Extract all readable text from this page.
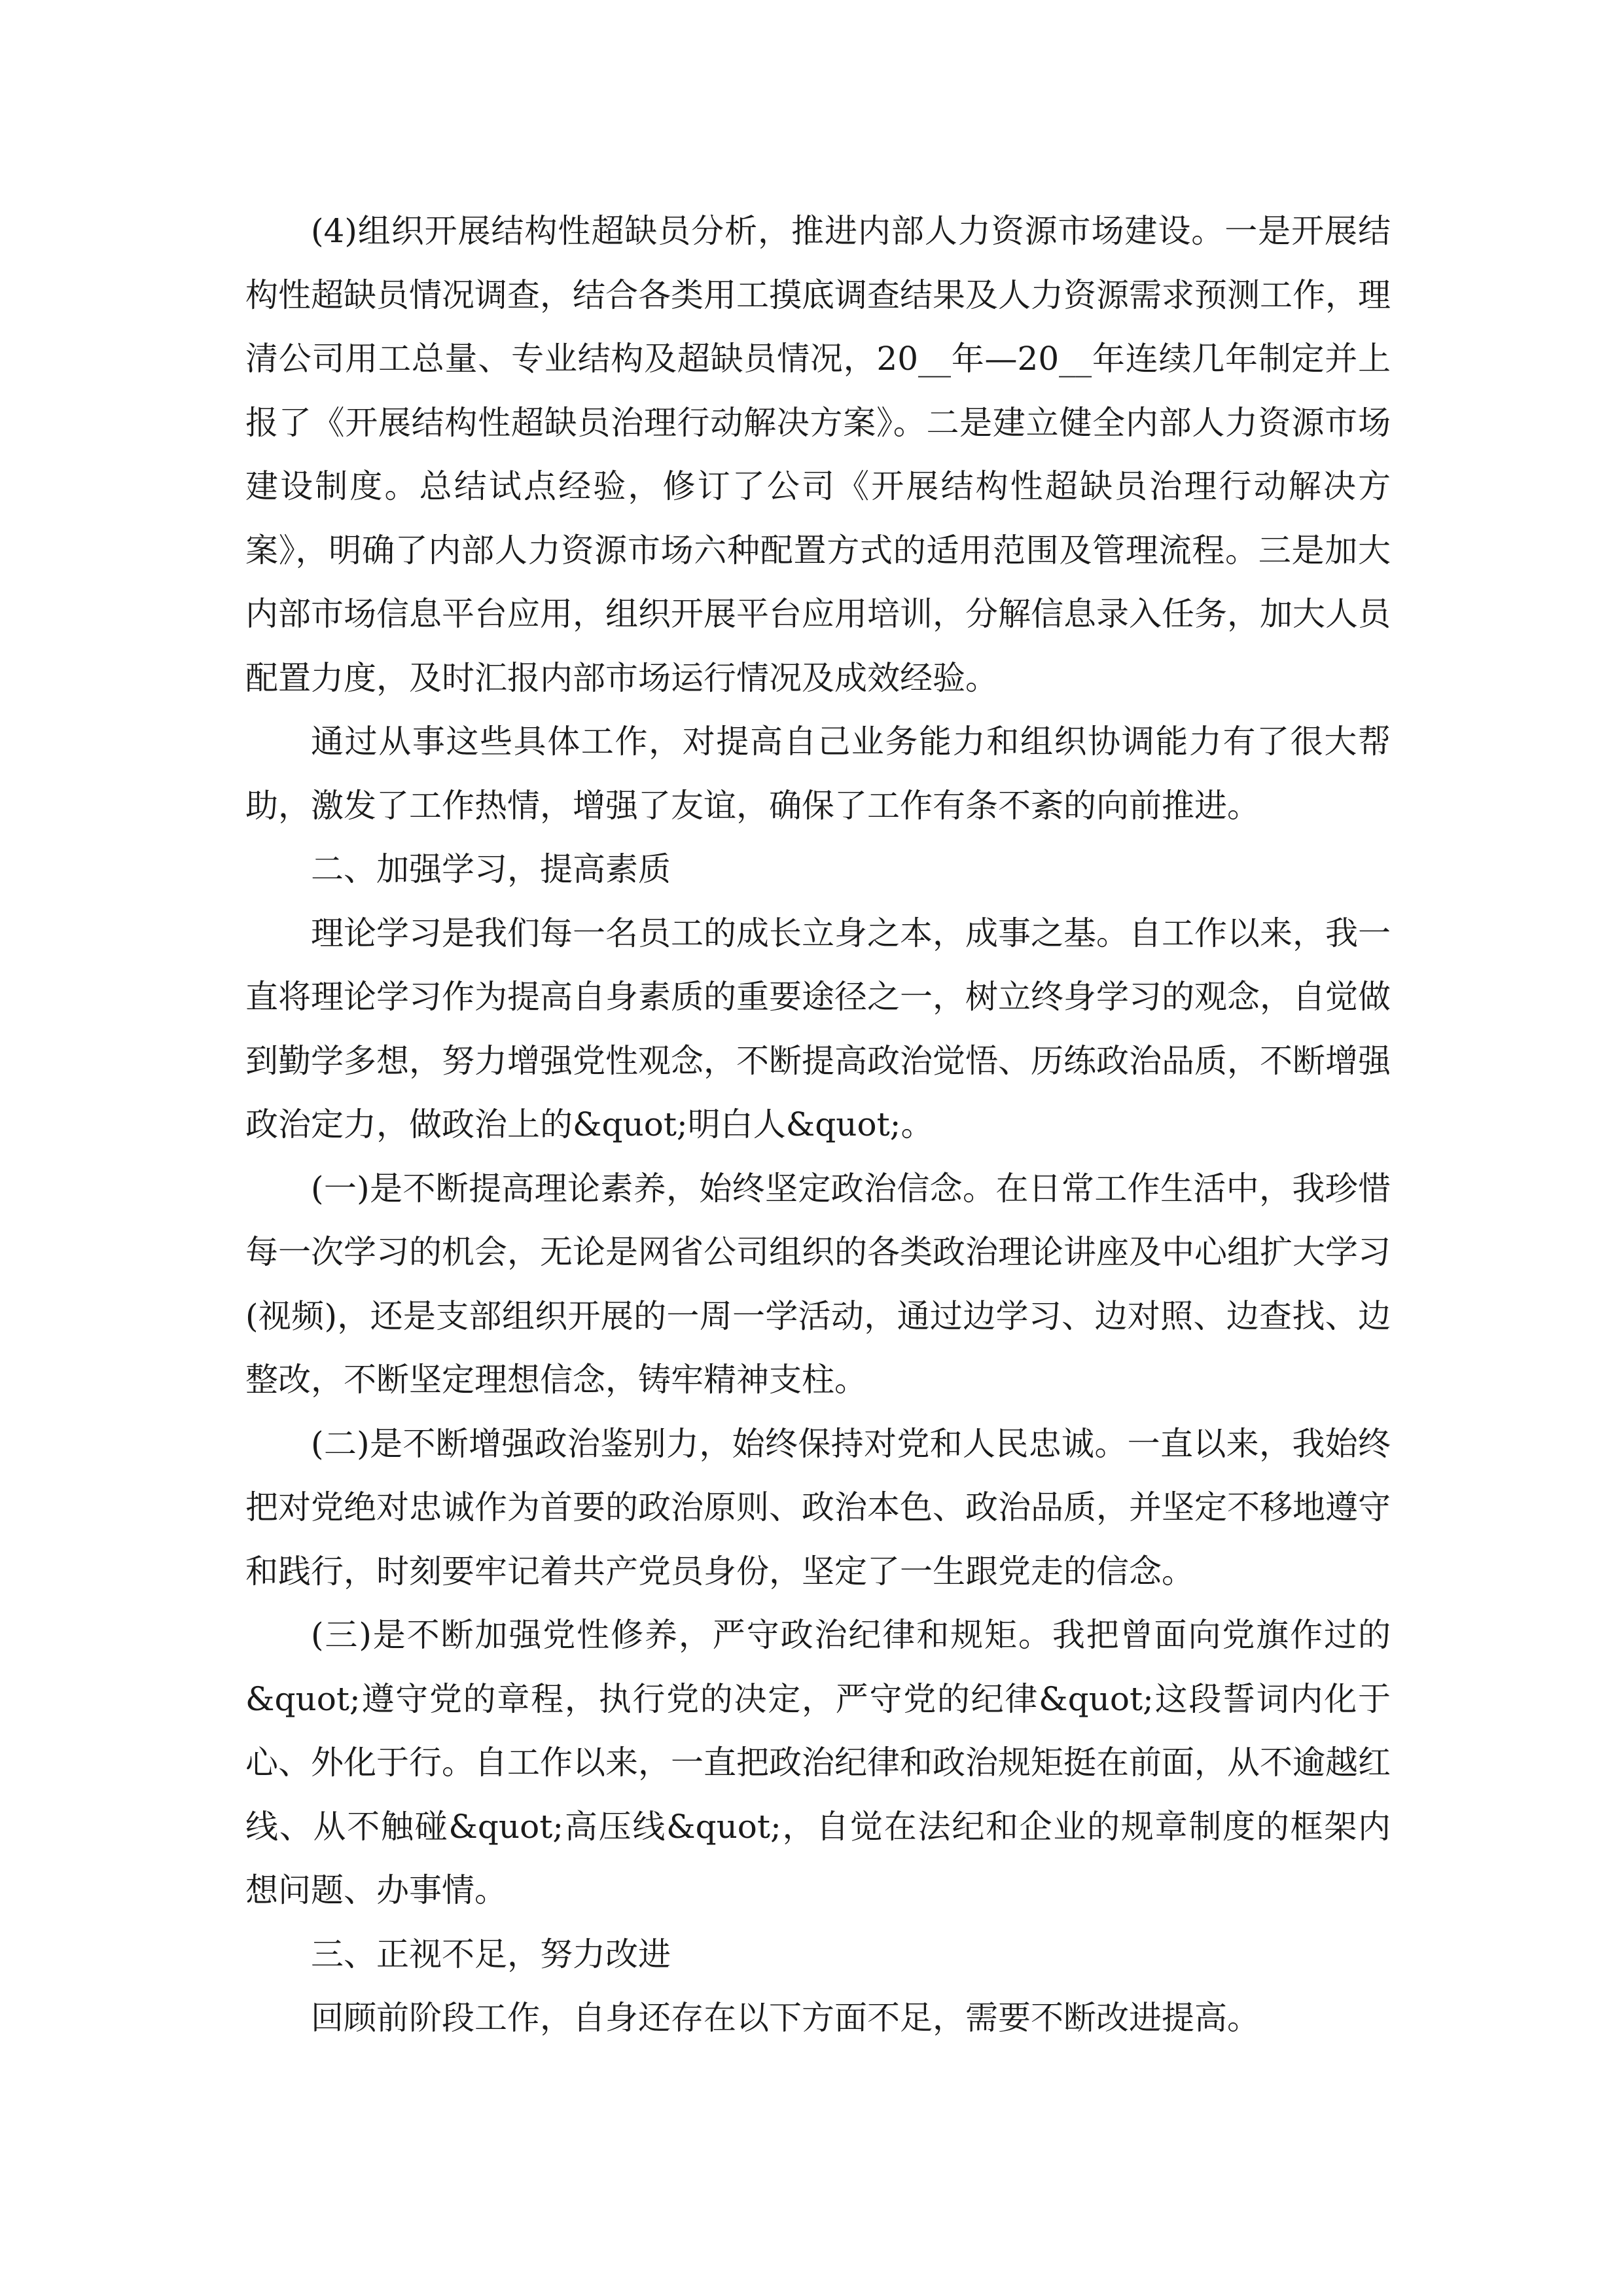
(4)组织开展结构性超缺员分析，推进内部人力资源市场建设。一是开展结构性超缺员情况调查，结合各类用工摸底调查结果及人力资源需求预测工作，理清公司用工总量、专业结构及超缺员情况，20__年—20__年连续几年制定并上报了《开展结构性超缺员治理行动解决方案》。二是建立健全内部人力资源市场建设制度。总结试点经验，修订了公司《开展结构性超缺员治理行动解决方案》，明确了内部人力资源市场六种配置方式的适用范围及管理流程。三是加大内部市场信息平台应用，组织开展平台应用培训，分解信息录入任务，加大人员配置力度，及时汇报内部市场运行情况及成效经验。

通过从事这些具体工作，对提高自己业务能力和组织协调能力有了很大帮助，激发了工作热情，增强了友谊，确保了工作有条不紊的向前推进。

二、加强学习，提高素质

理论学习是我们每一名员工的成长立身之本，成事之基。自工作以来，我一直将理论学习作为提高自身素质的重要途径之一，树立终身学习的观念，自觉做到勤学多想，努力增强党性观念，不断提高政治觉悟、历练政治品质，不断增强政治定力，做政治上的&quot;明白人&quot;。

(一)是不断提高理论素养，始终坚定政治信念。在日常工作生活中，我珍惜每一次学习的机会，无论是网省公司组织的各类政治理论讲座及中心组扩大学习(视频)，还是支部组织开展的一周一学活动，通过边学习、边对照、边查找、边整改，不断坚定理想信念，铸牢精神支柱。

(二)是不断增强政治鉴别力，始终保持对党和人民忠诚。一直以来，我始终把对党绝对忠诚作为首要的政治原则、政治本色、政治品质，并坚定不移地遵守和践行，时刻要牢记着共产党员身份，坚定了一生跟党走的信念。

(三)是不断加强党性修养，严守政治纪律和规矩。我把曾面向党旗作过的&quot;遵守党的章程，执行党的决定，严守党的纪律&quot;这段誓词内化于心、外化于行。自工作以来，一直把政治纪律和政治规矩挺在前面，从不逾越红线、从不触碰&quot;高压线&quot;，自觉在法纪和企业的规章制度的框架内想问题、办事情。

三、正视不足，努力改进

回顾前阶段工作，自身还存在以下方面不足，需要不断改进提高。
